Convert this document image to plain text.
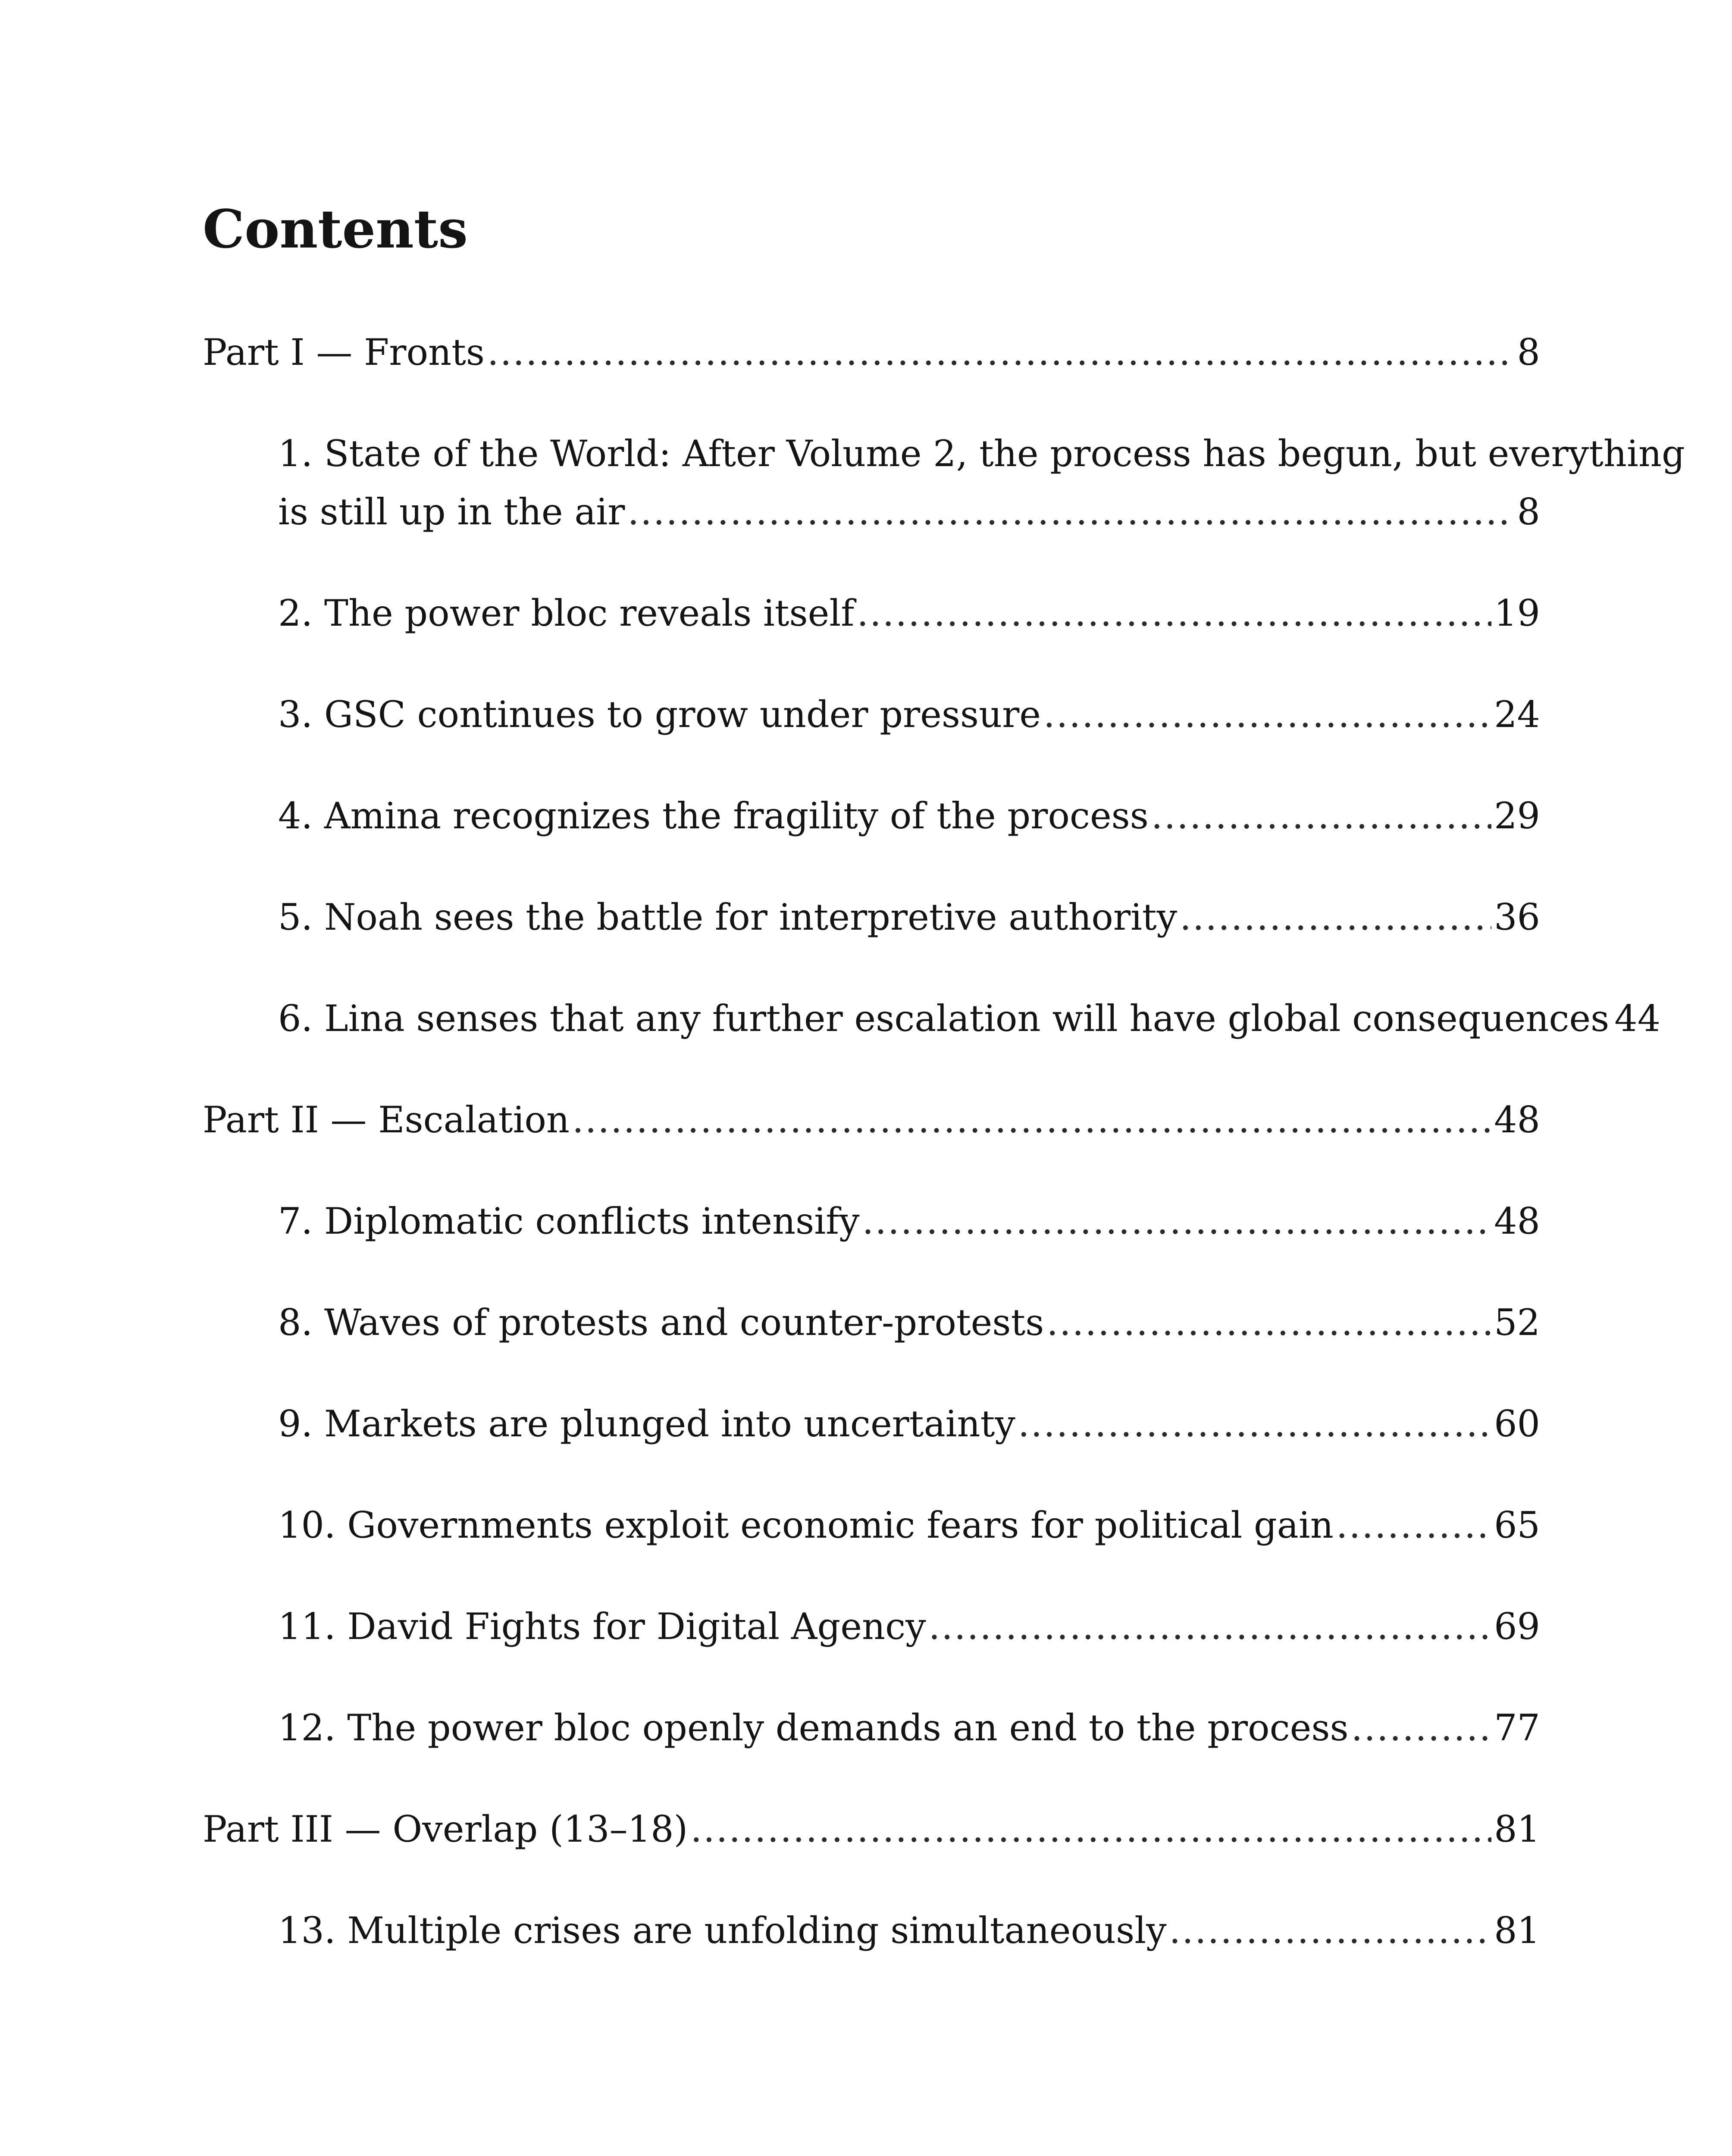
Contents
Part I — Fronts .....	8
1. State of the World: After Volume 2, the process has begun, but everything
is still up in the air .....	8
2. The power bloc reveals itself .....	19
3. GSC continues to grow under pressure .....	24
4. Amina recognizes the fragility of the process .....	29
5. Noah sees the battle for interpretive authority .....	36
6. Lina senses that any further escalation will have global consequences 44
Part II — Escalation .....	48
7. Diplomatic conflicts intensify .....	48
8. Waves of protests and counter-protests .....	52
9. Markets are plunged into uncertainty .....	60
10. Governments exploit economic fears for political gain .....	65
11. David Fights for Digital Agency .....	69
12. The power bloc openly demands an end to the process .....	77
Part III — Overlap (13–18) .....	81
13. Multiple crises are unfolding simultaneously .....	81
